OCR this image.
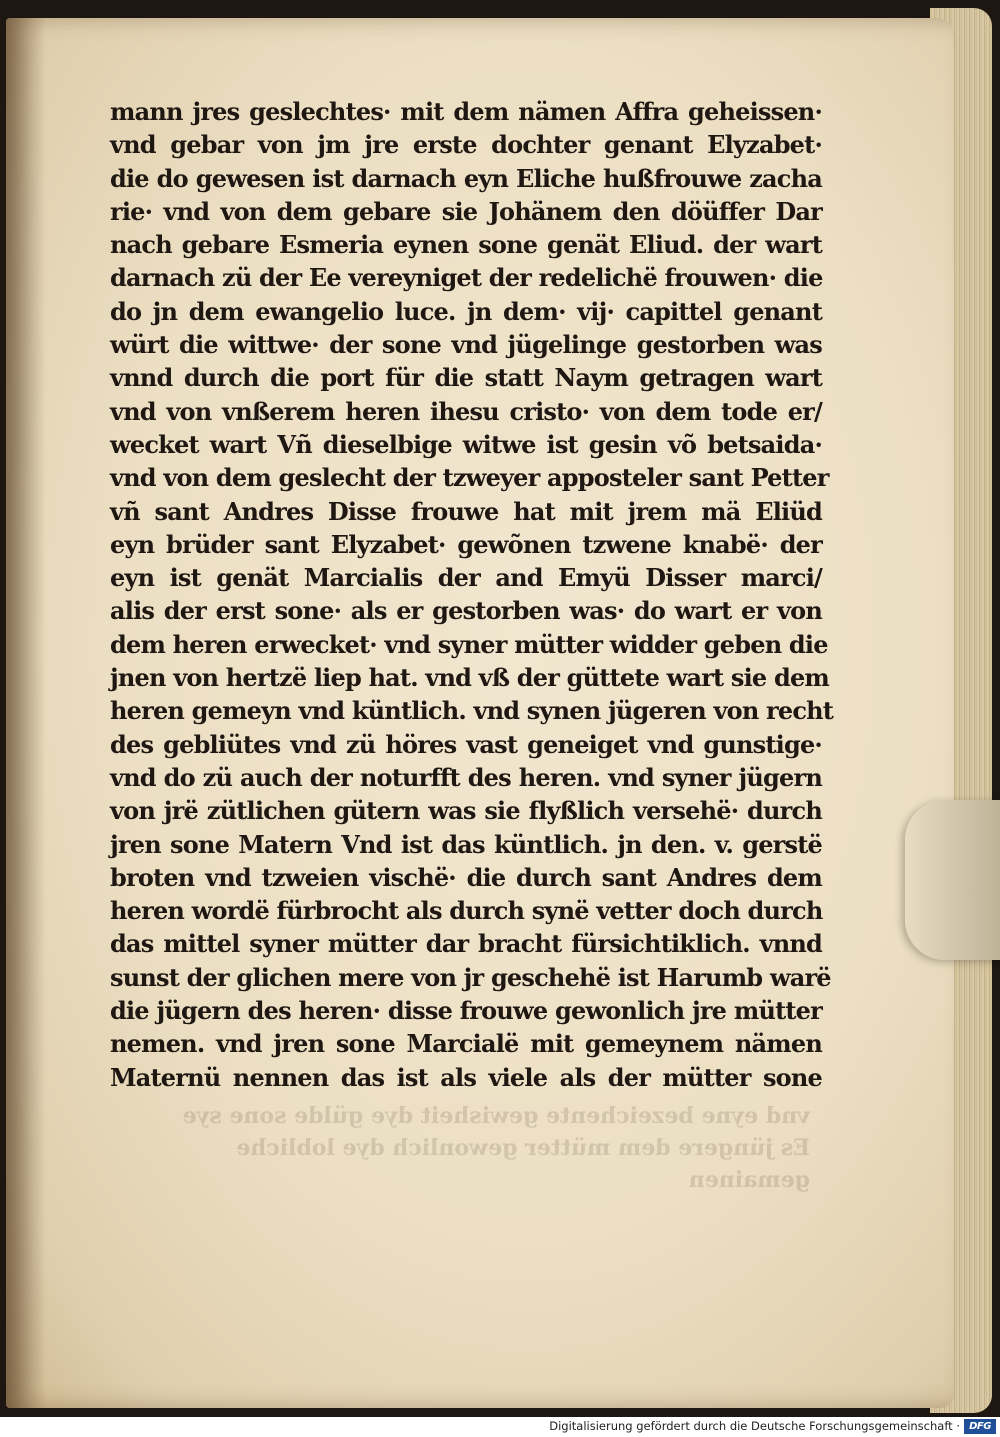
vnd eyne bezeichente gewisheit dye gülde sone sye
Es jüngere dem mütter gewonlich dye lobliche gemainen
mann jres geslechtes· mit dem nämen Affra geheissen·
vnd gebar von jm jre erste dochter genant Elyzabet·
die do gewesen ist darnach eyn Eliche hußfrouwe zacha
rie· vnd von dem gebare sie Johänem den döüffer Dar
nach gebare Esmeria eynen sone genät Eliud. der wart
darnach zü der Ee vereyniget der redelichë frouwen· die
do jn dem ewangelio luce. jn dem· vij· capittel genant
würt die wittwe· der sone vnd jügelinge gestorben was
vnnd durch die port für die statt Naym getragen wart
vnd von vnßerem heren ihesu cristo· von dem tode er/
wecket wart Vñ dieselbige witwe ist gesin võ betsaida·
vnd von dem geslecht der tzweyer apposteler sant Petter
vñ sant Andres Disse frouwe hat mit jrem mä Eliüd
eyn brüder sant Elyzabet· gewõnen tzwene knabë· der
eyn ist genät Marcialis der and Emyü Disser marci/
alis der erst sone· als er gestorben was· do wart er von
dem heren erwecket· vnd syner mütter widder geben die
jnen von hertzë liep hat. vnd vß der güttete wart sie dem
heren gemeyn vnd küntlich. vnd synen jügeren von recht
des gebliütes vnd zü höres vast geneiget vnd gunstige·
vnd do zü auch der noturfft des heren. vnd syner jügern
von jrë zütlichen gütern was sie flyßlich versehë· durch
jren sone Matern Vnd ist das küntlich. jn den. v. gerstë
broten vnd tzweien vischë· die durch sant Andres dem
heren wordë fürbrocht als durch synë vetter doch durch
das mittel syner mütter dar bracht fürsichtiklich. vnnd
sunst der glichen mere von jr geschehë ist Harumb warë
die jügern des heren· disse frouwe gewonlich jre mütter
nemen. vnd jren sone Marcialë mit gemeynem nämen
Maternü nennen das ist als viele als der mütter sone
Digitalisierung gefördert durch die Deutsche Forschungsgemeinschaft · DFG
